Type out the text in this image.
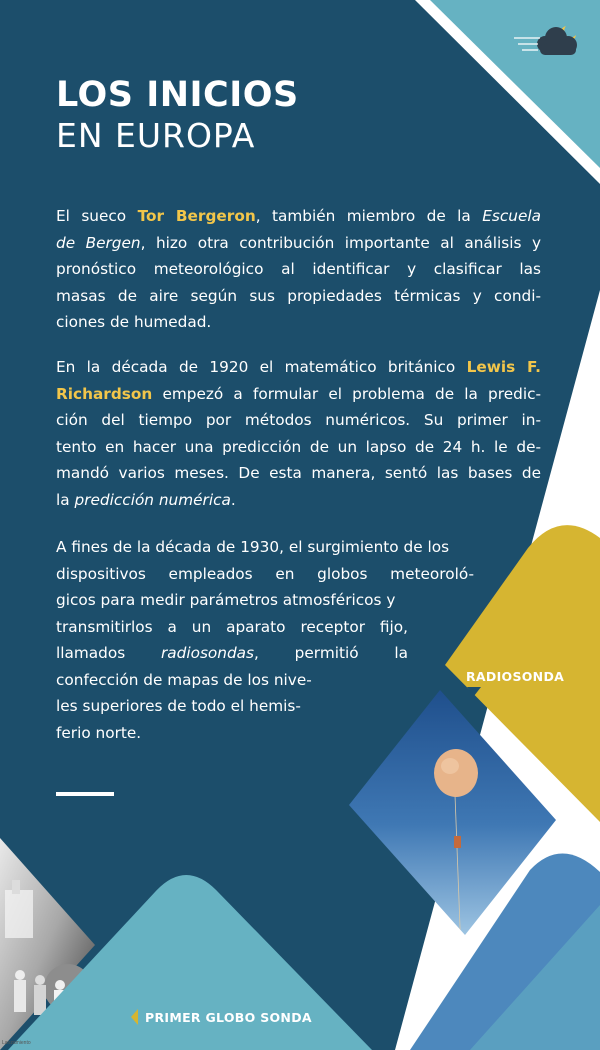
LOS INICIOS
EN EUROPA

El sueco Tor Bergeron, también miembro de la Escuela
de Bergen, hizo otra contribución importante al análisis y
pronóstico meteorológico al identificar y clasificar las
masas de aire según sus propiedades térmicas y condi-
ciones de humedad.

En la década de 1920 el matemático británico Lewis F.
Richardson empezó a formular el problema de la predic-
ción del tiempo por métodos numéricos. Su primer in-
tento en hacer una predicción de un lapso de 24 h. le de-
mandó varios meses. De esta manera, sentó las bases de
la predicción numérica.

A fines de la década de 1930, el surgimiento de los
dispositivos empleados en globos meteoroló-
gicos para medir parámetros atmosféricos y
transmitirlos a un aparato receptor fijo,
llamados radiosondas, permitió la
confección de mapas de los nive-
les superiores de todo el hemis-
ferio norte.

RADIOSONDA
PRIMER GLOBO SONDA
Lanzamiento
